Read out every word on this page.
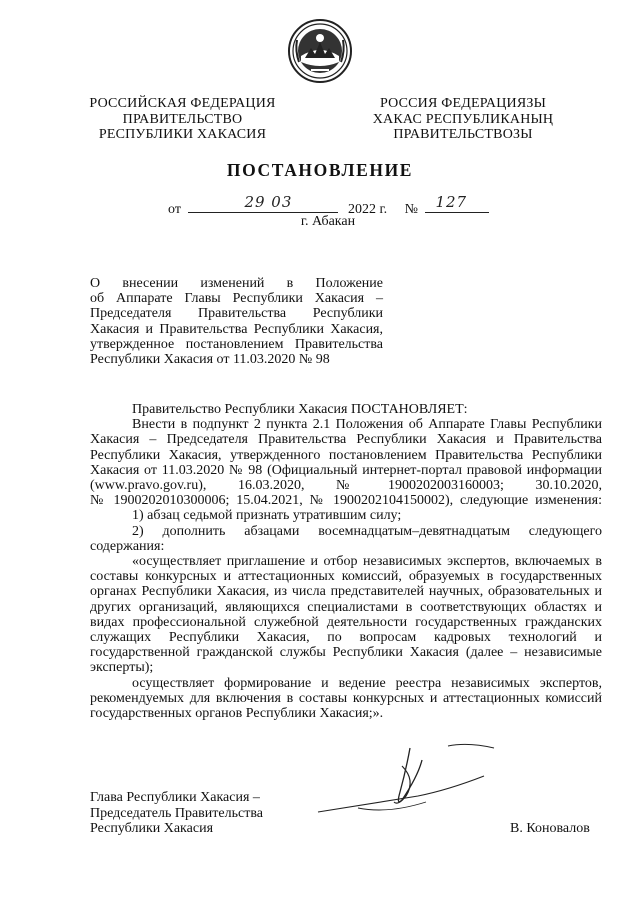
РОССИЙСКАЯ ФЕДЕРАЦИЯ
ПРАВИТЕЛЬСТВО
РЕСПУБЛИКИ ХАКАСИЯ
РОССИЯ ФЕДЕРАЦИЯЗЫ
ХАКАС РЕСПУБЛИКАНЫҢ
ПРАВИТЕЛЬСТВОЗЫ
ПОСТАНОВЛЕНИЕ
от	29 03	2022 г. № 127
г. Абакан
О внесении изменений в Положение
об Аппарате Главы Республики Хакасия –
Председателя Правительства Республики
Хакасия и Правительства Республики Хакасия,
утвержденное постановлением Правительства
Республики Хакасия от 11.03.2020 № 98
Правительство Республики Хакасия ПОСТАНОВЛЯЕТ:
Внести в подпункт 2 пункта 2.1 Положения об Аппарате Главы Республики
Хакасия – Председателя Правительства Республики Хакасия и Правительства
Республики Хакасия, утвержденного постановлением Правительства Республики
Хакасия от 11.03.2020 № 98 (Официальный интернет-портал правовой информации
(www.pravo.gov.ru),   16.03.2020,   №   1900202003160003;   30.10.2020,
№ 1900202010300006; 15.04.2021, № 1900202104150002), следующие изменения:
1) абзац седьмой признать утратившим силу;
2) дополнить абзацами восемнадцатым–девятнадцатым следующего
содержания:
«осуществляет приглашение и отбор независимых экспертов, включаемых в
составы конкурсных и аттестационных комиссий, образуемых в государственных
органах Республики Хакасия, из числа представителей научных, образовательных и
других организаций, являющихся специалистами в соответствующих областях и
видах профессиональной служебной деятельности государственных гражданских
служащих Республики Хакасия, по вопросам кадровых технологий и
государственной гражданской службы Республики Хакасия (далее – независимые
эксперты);
осуществляет формирование и ведение реестра независимых экспертов,
рекомендуемых для включения в составы конкурсных и аттестационных комиссий
государственных органов Республики Хакасия;».
Глава Республики Хакасия –
Председатель Правительства
Республики Хакасия	В. Коновалов
